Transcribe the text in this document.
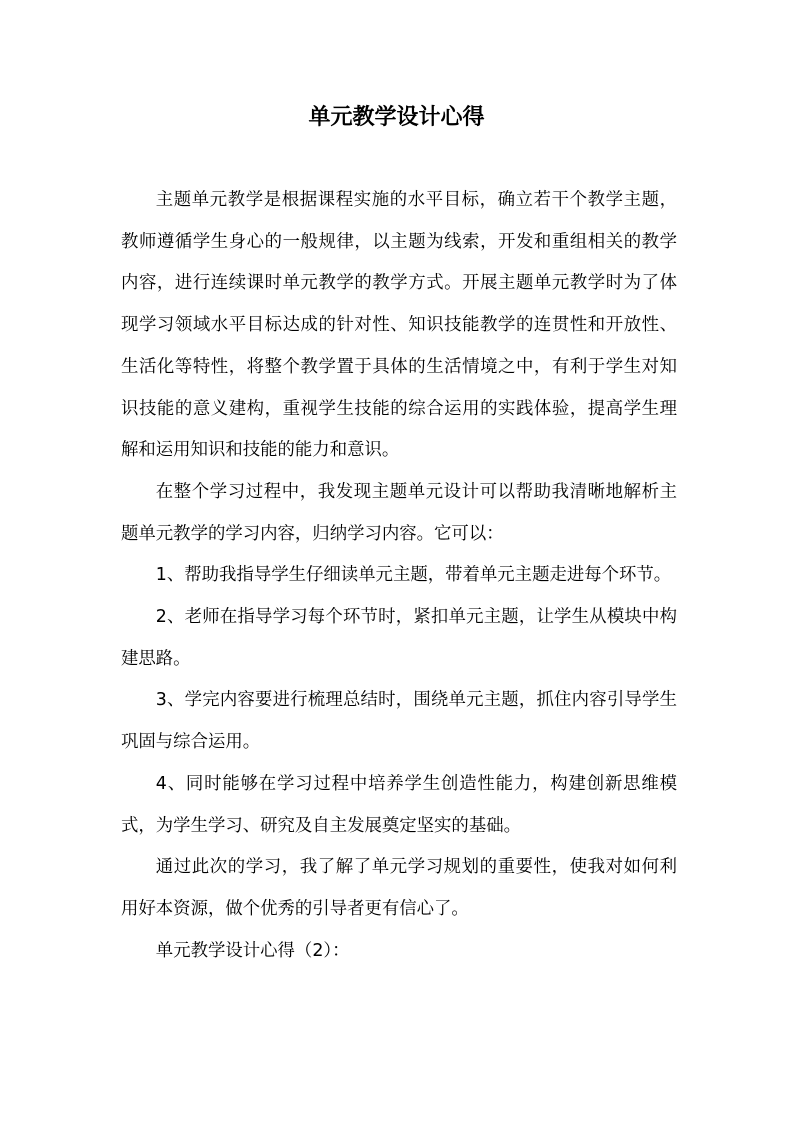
单元教学设计心得

主题单元教学是根据课程实施的水平目标，确立若干个教学主题，教师遵循学生身心的一般规律，以主题为线索，开发和重组相关的教学内容，进行连续课时单元教学的教学方式。开展主题单元教学时为了体现学习领域水平目标达成的针对性、知识技能教学的连贯性和开放性、生活化等特性，将整个教学置于具体的生活情境之中，有利于学生对知识技能的意义建构，重视学生技能的综合运用的实践体验，提高学生理解和运用知识和技能的能力和意识。

在整个学习过程中，我发现主题单元设计可以帮助我清晰地解析主题单元教学的学习内容，归纳学习内容。它可以：

1、帮助我指导学生仔细读单元主题，带着单元主题走进每个环节。

2、老师在指导学习每个环节时，紧扣单元主题，让学生从模块中构建思路。

3、学完内容要进行梳理总结时，围绕单元主题，抓住内容引导学生巩固与综合运用。

4、同时能够在学习过程中培养学生创造性能力，构建创新思维模式，为学生学习、研究及自主发展奠定坚实的基础。

通过此次的学习，我了解了单元学习规划的重要性，使我对如何利用好本资源，做个优秀的引导者更有信心了。

单元教学设计心得（2）：
